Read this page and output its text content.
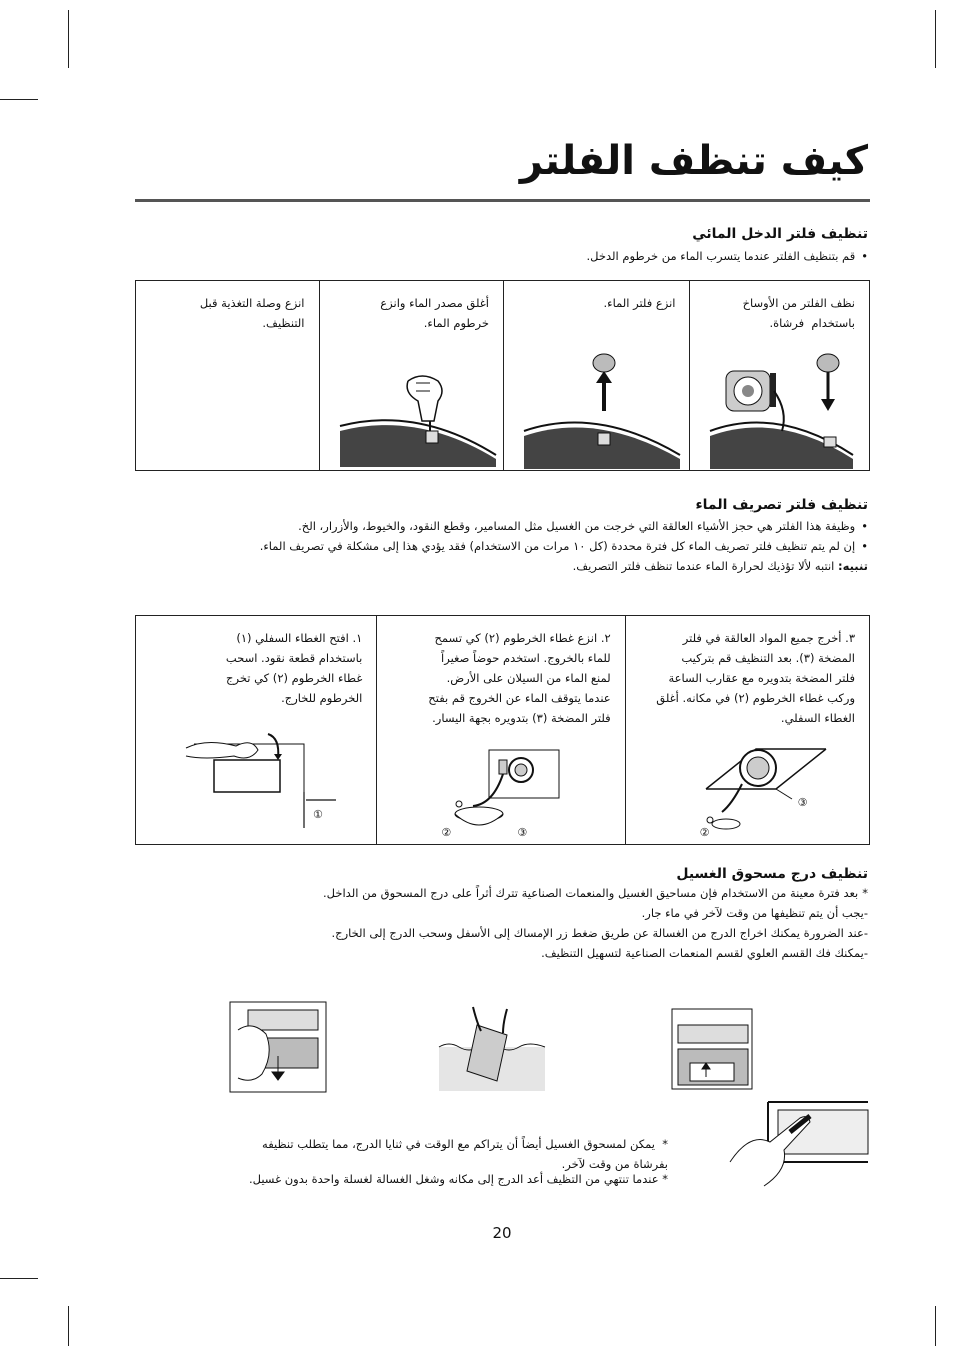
كيف تنظف الفلتر
تنظيف فلتر الدخل المائي
• قم بتنظيف الفلتر عندما يتسرب الماء من خرطوم الدخل.
نظف الفلتر من الأوساخ
باستخدام  فرشاة.
انزع فلتر الماء.
أغلق مصدر الماء وانزع
خرطوم الماء.
انزع وصلة التغذية قبل
التنظيف.
تنظيف فلتر تصريف الماء
• وظيفة هذا الفلتر هي حجز الأشياء العالقة التي خرجت من الغسيل مثل المسامير، وقطع النقود، والخيوط، والأزرار، الخ.
• إن لم يتم تنظيف فلتر تصريف الماء كل فترة محددة (كل ١٠ مرات من الاستخدام) فقد يؤدي هذا إلى مشكلة في تصريف الماء.
تنبيه: انتبه لألا تؤذيك لحرارة الماء عندما تنظف فلتر التصريف.
٣. أخرج جميع المواد العالقة في فلتر
المضخة (٣). بعد التنظيف قم بتركيب
فلتر المضخة بتدويره مع عقارب الساعة
وركب غطاء الخرطوم (٢) في مكانه. أغلق
الغطاء السفلي.
②
③
٢. انزع غطاء الخرطوم (٢) كي تسمح
للماء بالخروج. استخدم حوضاً صغيراً
لمنع الماء من السيلان على الأرض.
عندما يتوقف الماء عن الخروج قم بفتح
فلتر المضخة (٣) بتدويره بجهة اليسار.
②	③
١. افتح الغطاء السفلي (١)
باستخدام قطعة نقود. اسحب
غطاء الخرطوم (٢) كي تخرج
الخرطوم للخارج.
①
تنظيف درج مسحوق الغسيل
* بعد فترة معينة من الاستخدام فإن مساحيق الغسيل والمنعمات الصناعية تترك أثراً على درج المسحوق من الداخل.
-يجب أن يتم تنظيفها من وقت لآخر في ماء جار.
-عند الضرورة يمكنك اخراج الدرج من الغسالة عن طريق ضغط زر الإمساك إلى الأسفل وسحب الدرج إلى الخارج.
-يمكنك فك القسم العلوي لقسم المنعمات الصناعية لتسهيل التنظيف.
*  يمكن لمسحوق الغسيل أيضاً أن يتراكم مع الوقت في ثنايا الدرج، مما يتطلب تنظيفه
بفرشاة من وقت لآخر.
* عندما تنتهي من التظيف أعد الدرج إلى مكانه وشغل الغسالة لغسلة واحدة بدون غسيل.
20
